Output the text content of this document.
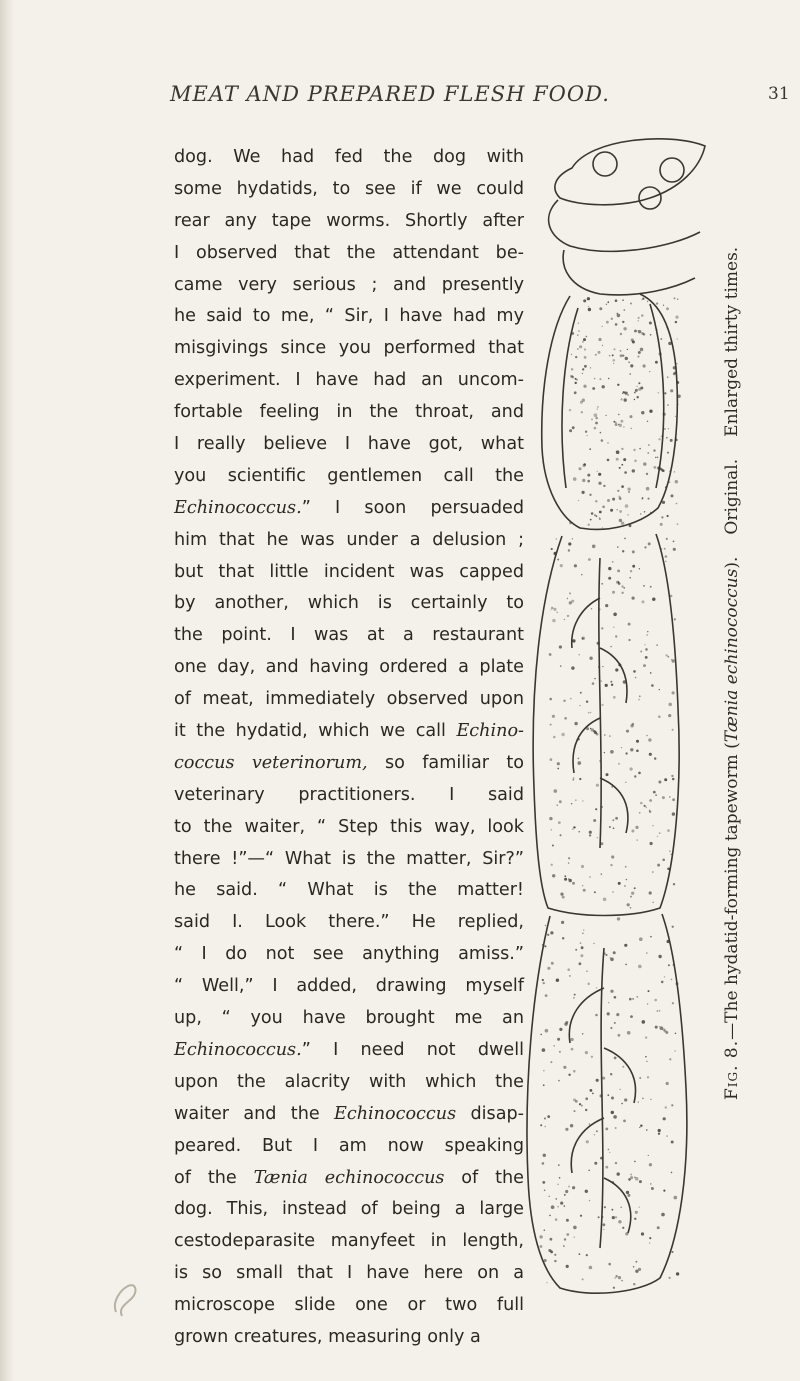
MEAT AND PREPARED FLESH FOOD.	31
dog. We had fed the dog with
some hydatids, to see if we could
rear any tape worms. Shortly after
I observed that the attendant be-
came very serious ; and presently
he said to me, “ Sir, I have had my
misgivings since you performed that
experiment. I have had an uncom-
fortable feeling in the throat, and
I really believe I have got, what
you scientific gentlemen call the
Echinococcus.” I soon persuaded
him that he was under a delusion ;
but that little incident was capped
by another, which is certainly to
the point. I was at a restaurant
one day, and having ordered a plate
of meat, immediately observed upon
it the hydatid, which we call Echino-
coccus veterinorum, so familiar to
veterinary practitioners. I said
to the waiter, “ Step this way, look
there !”—“ What is the matter, Sir?”
he said. “ What is the matter!
said I. Look there.” He replied,
“ I do not see anything amiss.”
“ Well,” I added, drawing myself
up, “ you have brought me an
Echinococcus.” I need not dwell
upon the alacrity with which the
waiter and the Echinococcus disap-
peared. But I am now speaking
of the Tænia echinococcus of the
dog. This, instead of being a large
cestodeparasite manyfeet in length,
is so small that I have here on a
microscope slide one or two full
grown creatures, measuring only a
Fig. 8.—The hydatid-forming tapeworm (Tænia echinococcus).Original.Enlarged thirty times.
